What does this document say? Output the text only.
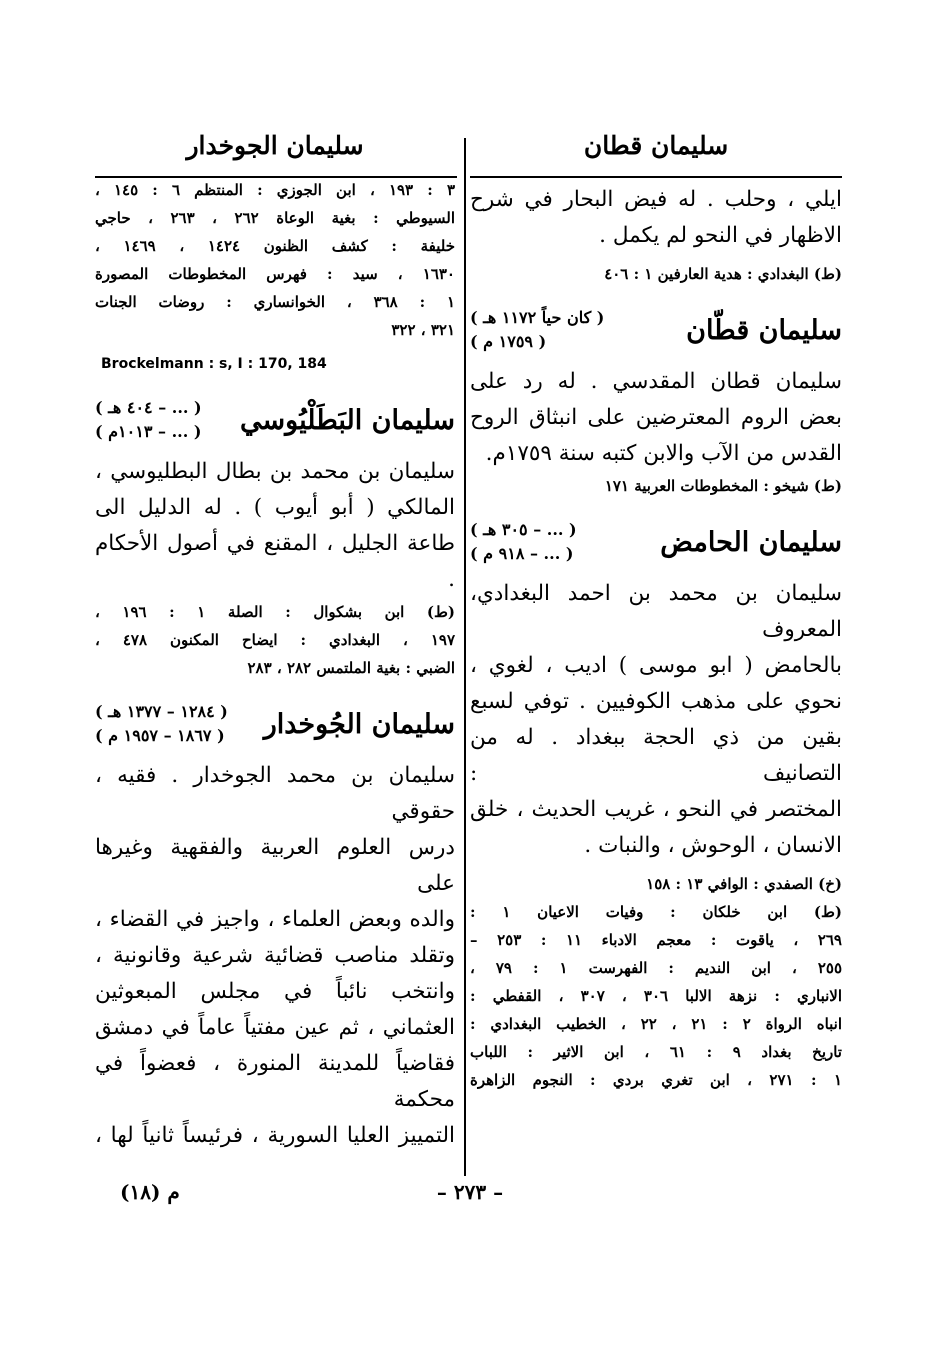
سليمان قطان

ايلي ، وحلب . له فيض البحار في شرح

الاظهار في النحو لم يكمل .

(ط) البغدادي : هدية العارفين ١ : ٤٠٦

سليمان قطّان
( كان حياً ١١٧٢ هـ )
( ١٧٥٩ م )

سليمان قطان المقدسي . له رد على

بعض الروم المعترضين على انبثاق الروح

القدس من الآب والابن كتبه سنة ١٧٥٩م.

(ط) شيخو : المخطوطات العربية ١٧١

سليمان الحامض
( ... – ٣٠٥ هـ )
( ... – ٩١٨ م )

سليمان بن محمد بن احمد البغدادي، المعروف

بالحامض ( ابو موسى ) اديب ، لغوي ،

نحوي على مذهب الكوفيين . توفي لسبع

بقين من ذي الحجة ببغداد . له من التصانيف :

المختصر في النحو ، غريب الحديث ، خلق

الانسان ، الوحوش ، والنبات .

(خ) الصفدي : الوافي ١٣ : ١٥٨

(ط) ابن خلكان : وفيات الاعيان ١ :

٢٦٩ ، ياقوت : معجم الادباء ١١ : ٢٥٣ –

٢٥٥ ، ابن النديم : الفهرست ١ : ٧٩ ،

الانباري : نزهة الالبا ٣٠٦ ، ٣٠٧ ، القفطي :

انباه الرواة ٢ : ٢١ ، ٢٢ ، الخطيب البغدادي :

تاريخ بغداد ٩ : ٦١ ، ابن الاثير : اللباب

١ : ٢٧١ ، ابن تغري بردي : النجوم الزاهرة

سليمان الجوخدار

٣ : ١٩٣ ، ابن الجوزي : المنتظم ٦ : ١٤٥ ،

السيوطي : بغية الوعاة ٢٦٢ ، ٢٦٣ ، حاجي

خليفة : كشف الظنون ١٤٢٤ ، ١٤٦٩ ،

١٦٣٠ ، سيد : فهرس المخطوطات المصورة

١ : ٣٦٨ ، الخوانساري : روضات الجنات

٣٢١ ، ٣٢٢

Brockelmann : s, I : 170, 184

سليمان البَطَلْيُوسي
( ... – ٤٠٤ هـ )
( ... – ١٠١٣م )

سليمان بن محمد بن بطال البطليوسي ،

المالكي ( أبو أيوب ) . له الدليل الى

طاعة الجليل ، المقنع في أصول الأحكام .

(ط) ابن بشكوال : الصلة ١ : ١٩٦ ،

١٩٧ ، البغدادي : ايضاح المكنون ٤٧٨ ،

الضبي : بغية الملتمس ٢٨٢ ، ٢٨٣

سليمان الجُوخدار
( ١٢٨٤ – ١٣٧٧ هـ )
( ١٨٦٧ – ١٩٥٧ م )

سليمان بن محمد الجوخدار . فقيه ، حقوقي

درس العلوم العربية والفقهية وغيرها على

والده وبعض العلماء ، واجيز في القضاء ،

وتقلد مناصب قضائية شرعية وقانونية ،

وانتخب نائباً في مجلس المبعوثين

العثماني ، ثم عين مفتياً عاماً في دمشق

فقاضياً للمدينة المنورة ، فعضواً في محكمة

التمييز العليا السورية ، فرئيساً ثانياً لها ،

– ٢٧٣ –
م (١٨)
